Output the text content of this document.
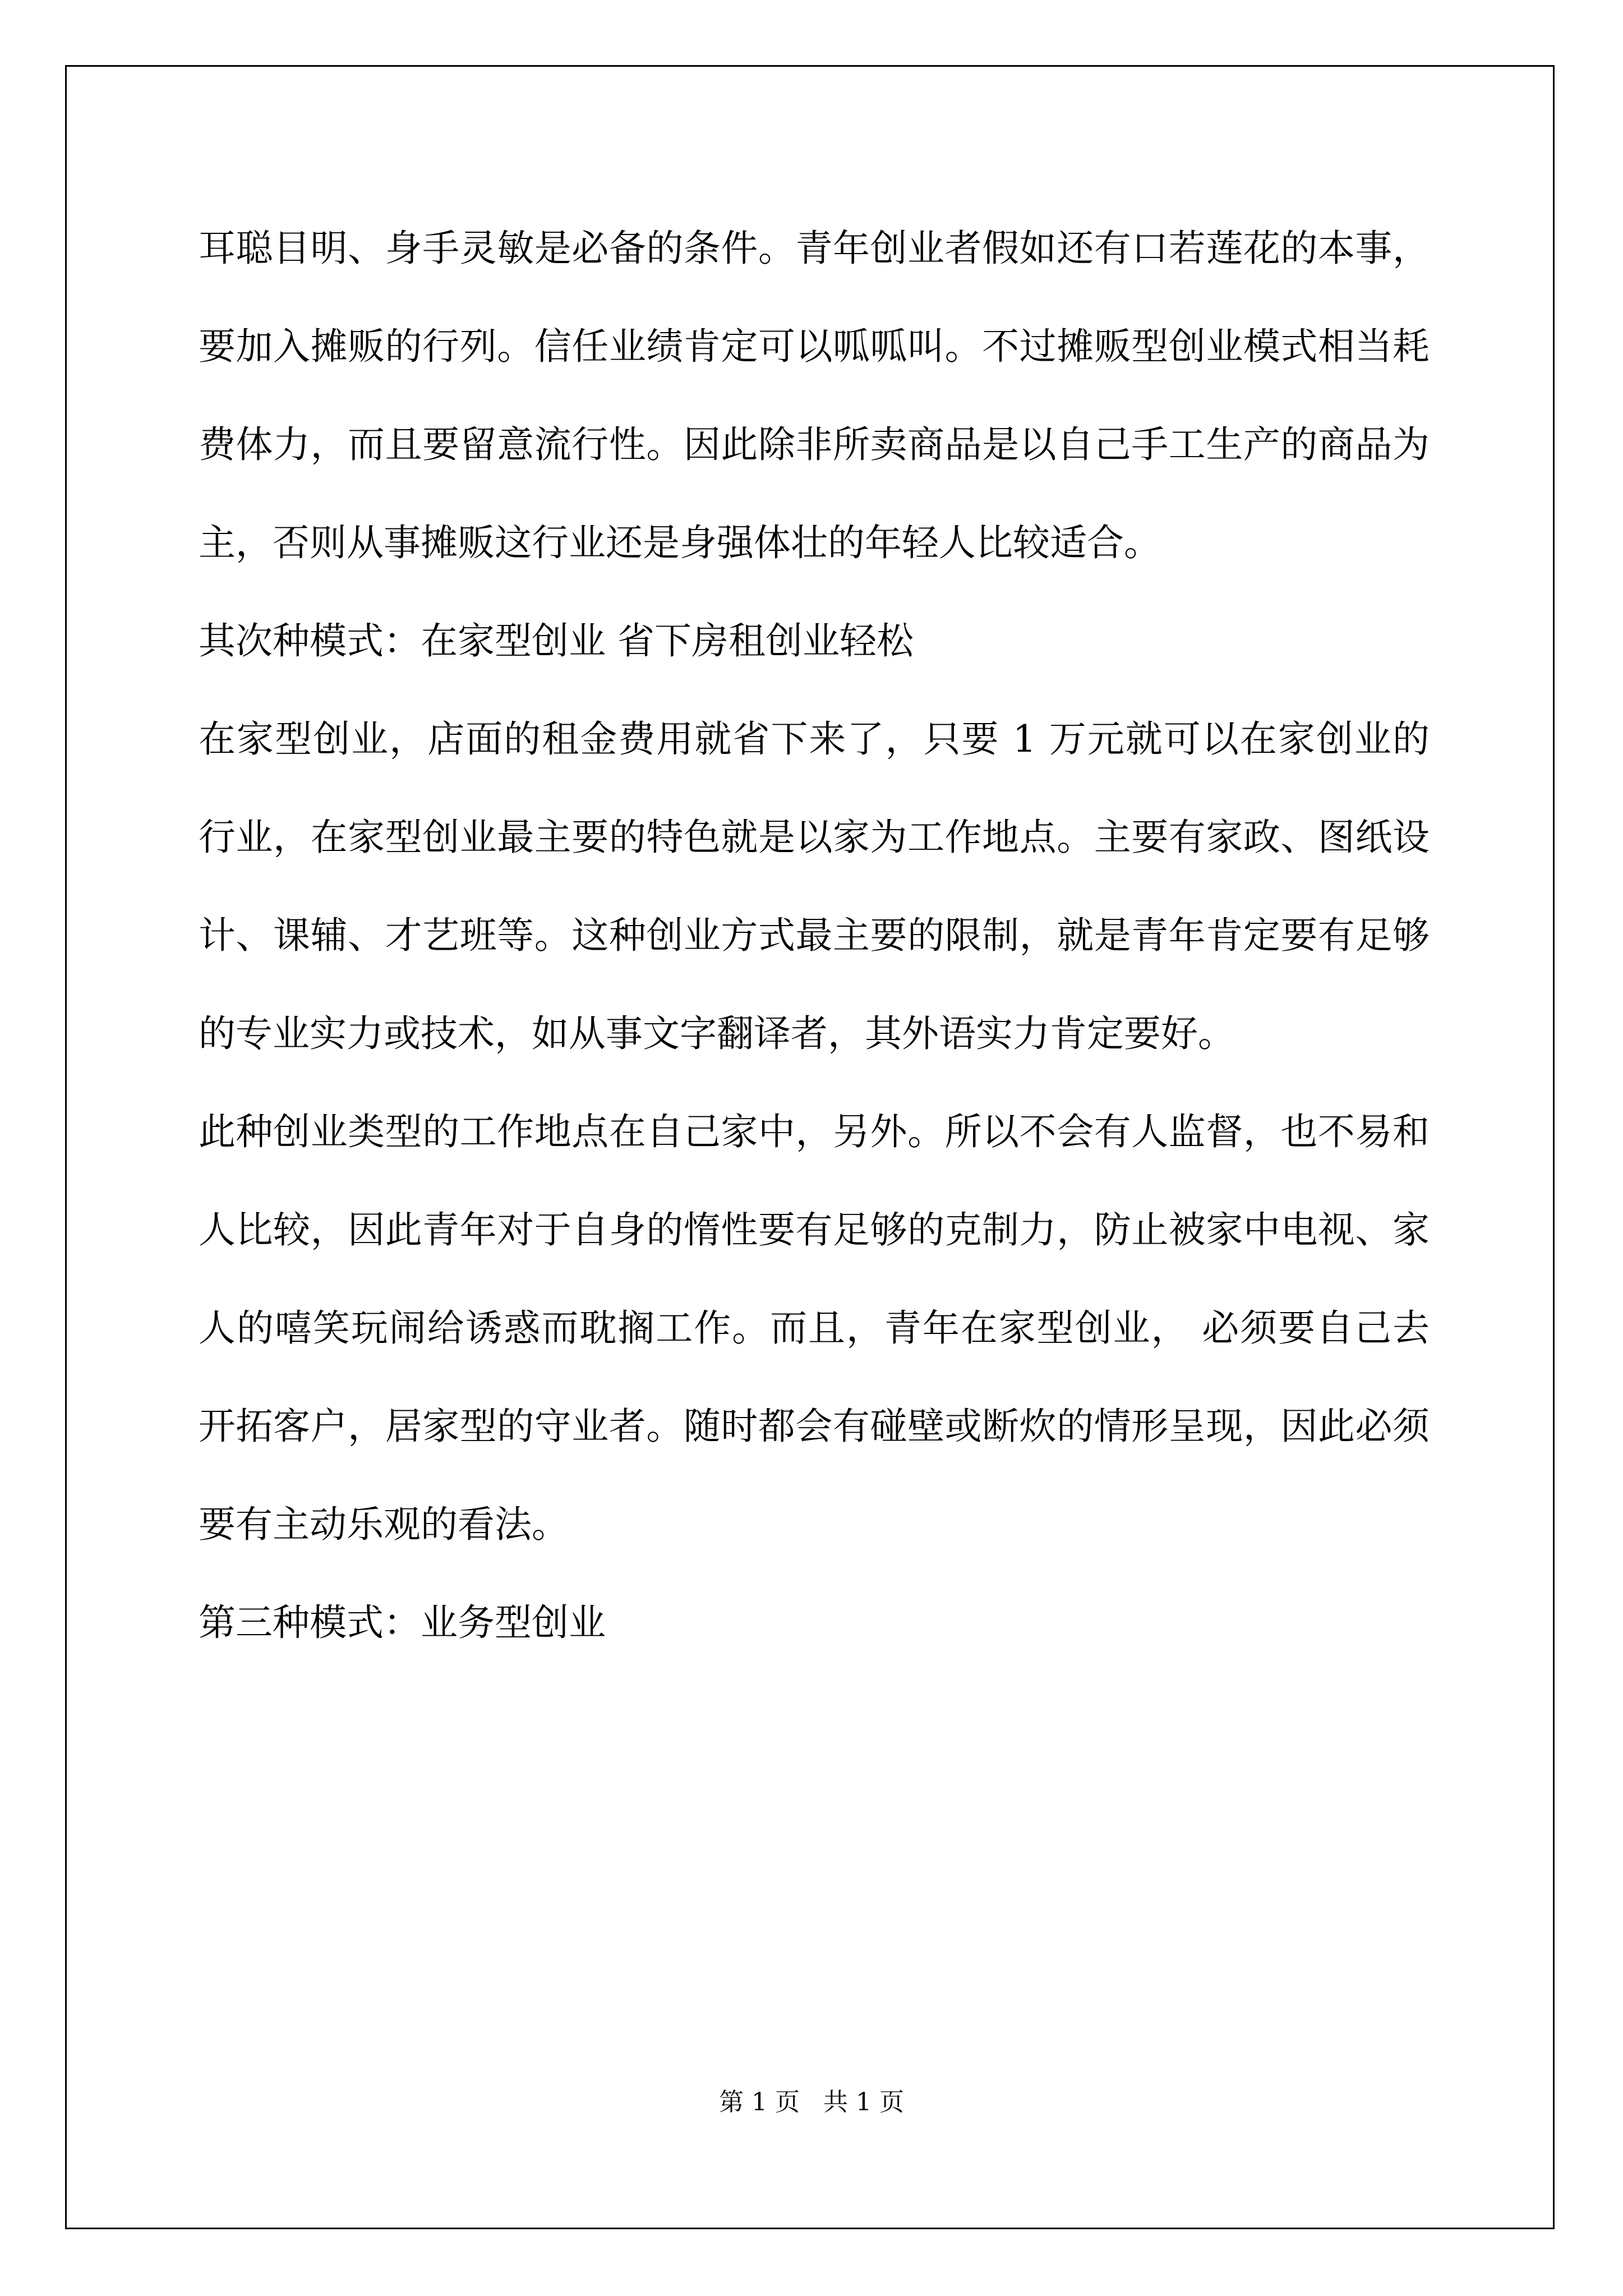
耳聪目明、身手灵敏是必备的条件。青年创业者假如还有口若莲花的本事，要加入摊贩的行列。信任业绩肯定可以呱呱叫。不过摊贩型创业模式相当耗费体力，而且要留意流行性。因此除非所卖商品是以自己手工生产的商品为主，否则从事摊贩这行业还是身强体壮的年轻人比较适合。

其次种模式：在家型创业 省下房租创业轻松

在家型创业，店面的租金费用就省下来了，只要 1 万元就可以在家创业的行业，在家型创业最主要的特色就是以家为工作地点。主要有家政、图纸设计、课辅、才艺班等。这种创业方式最主要的限制，就是青年肯定要有足够的专业实力或技术，如从事文字翻译者，其外语实力肯定要好。

此种创业类型的工作地点在自己家中，另外。所以不会有人监督，也不易和人比较，因此青年对于自身的惰性要有足够的克制力，防止被家中电视、家人的嘻笑玩闹给诱惑而耽搁工作。而且，青年在家型创业， 必须要自己去开拓客户，居家型的守业者。随时都会有碰壁或断炊的情形呈现，因此必须要有主动乐观的看法。

第三种模式：业务型创业

第 1 页   共 1 页
